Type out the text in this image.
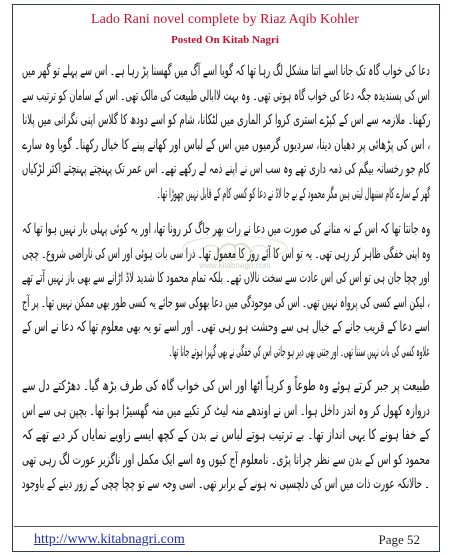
Lado Rani novel complete by Riaz Aqib Kohler
Posted On Kitab Nagri
www.kitabnagri.com
دعا کی خواب گاہ تک جانا اسے اتنا مشکل لگ رہا تھا کہ گویا اسے آگ میں گھسنا پڑ رہا ہے۔ اس سے پہلے تو گھر میں
اس کی پسندیدہ جگہ دعا کی خواب گاہ ہوتی تھی۔ وہ بہت لاابالی طبیعت کی مالک تھی۔ اس کے سامان کو ترتیب سے
رکھنا۔ ملازمہ سے اس کے کپڑے استری کروا کر الماری میں لٹکانا، شام کو اسے دودھ کا گلاس اپنی نگرانی میں پلانا
، اس کی پڑھائی پر دھیان دینا، سردیوں گرمیوں میں اس کے لباس اور کھانے پینے کا خیال رکھنا۔ گویا وہ سارے
کام جو رخسانہ بیگم کی ذمہ داری تھے وہ سب اس نے اپنے ذمہ لے رکھے تھے۔ اس عمر تک پہنچتے پہنچتے اکثر لڑکیاں
گھر کے سارے کام سنبھال لیتی ہیں مگر محمود کے بے جا لاڈ نے دعا کو کسی کام کے قابل نہیں چھوڑا تھا۔
وہ جانتا تھا کہ اس کے نہ منانے کی صورت میں دعا نے رات بھر جاگ کر رونا تھا، اور یہ کوئی پہلی بار نہیں ہوا تھا کہ
وہ اپنی خفگی ظاہر کر رہی تھی۔ یہ تو اس کا آئے روز کا معمول تھا۔ ذرا سی بات ہوئی اور اس کی ناراضی شروع۔ چچی
اور چچا جان ہی تو اس کی اس عادت سے سخت نالاں تھے۔ بلکہ تمام محمود کا شدید لاڈ اڑانے سے بھی باز نہیں آتے تھے
، لیکن اسے کسی کی پرواہ نہیں تھی۔ اس کی موجودگی میں دعا بھوکی سو جائے یہ کسی طور بھی ممکن نہیں تھا۔ پر آج
اسے دعا کے قریب جانے کے خیال ہی سے وحشت ہو رہی تھی۔ اور اسے تو یہ بھی معلوم تھا کہ دعا نے اس کے
علاوہ کسی کی بات نہیں سننا تھی۔ اور جتنی بھی دیر ہو جاتی اس کی خفگی نے بھی گہرا ہوتے جانا تھا۔
طبیعت پر جبر کرتے ہوئے وہ طوعاً و کرہاً اٹھا اور اس کی خواب گاہ کی طرف بڑھ گیا۔ دھڑکتے دل سے
دروازہ کھول کر وہ اندر داخل ہوا۔ اس نے اوندھے منہ لیٹ کر تکیے میں منہ گھسیڑا ہوا تھا۔ بچپن ہی سے اس
کے خفا ہونے کا یہی انداز تھا۔ بے ترتیب ہوتے لباس نے بدن کے کچھ ایسے زاویے نمایاں کر دیے تھے کہ
محمود کو اس کے بدن سے نظر چرانا پڑی۔ نامعلوم آج کیوں وہ اسے ایک مکمل اور ناگزیر عورت لگ رہی تھی
۔ حالانکہ عورت ذات میں اس کی دلچسپی نہ ہونے کے برابر تھی۔ اسی وجہ سے تو چچا چچی کے زور دینے کے باوجود
http://www.kitabnagri.com	Page 52
